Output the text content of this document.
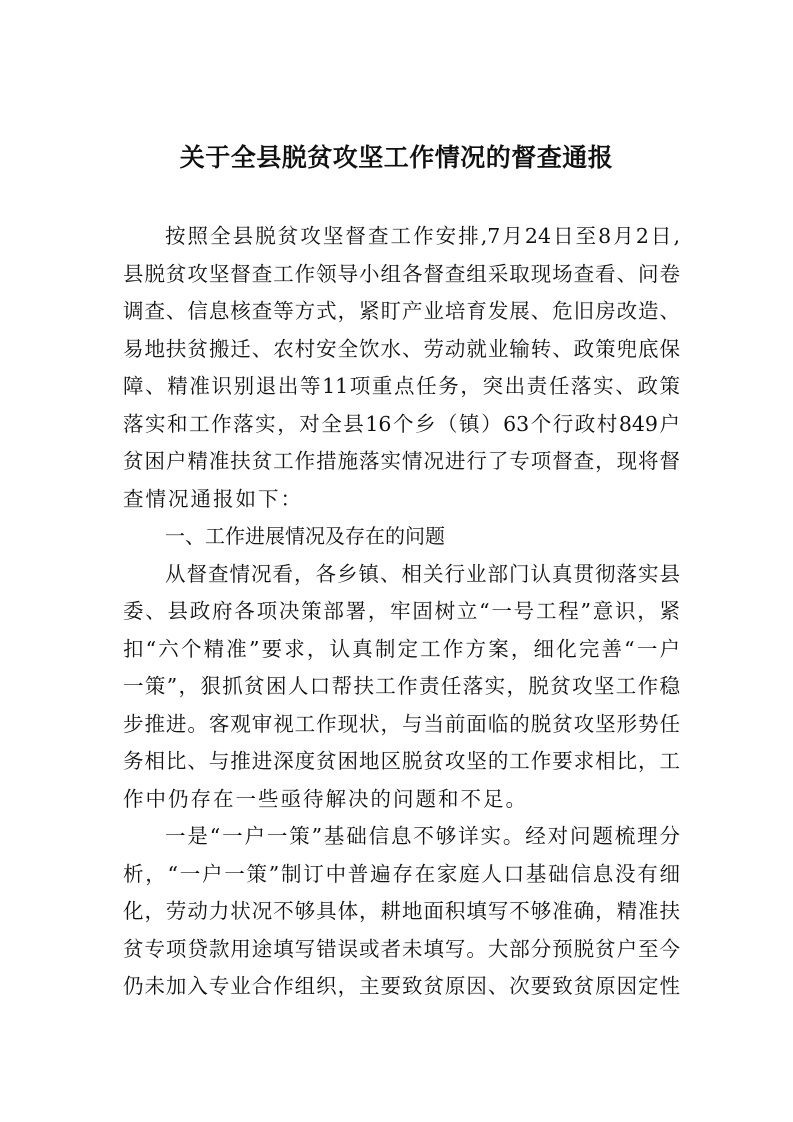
关于全县脱贫攻坚工作情况的督查通报
按照全县脱贫攻坚督查工作安排,7月24日至8月2日,
县脱贫攻坚督查工作领导小组各督查组采取现场查看、问卷
调查、信息核查等方式，紧盯产业培育发展、危旧房改造、
易地扶贫搬迁、农村安全饮水、劳动就业输转、政策兜底保
障、精准识别退出等11项重点任务，突出责任落实、政策
落实和工作落实，对全县16个乡（镇）63个行政村849户
贫困户精准扶贫工作措施落实情况进行了专项督查，现将督
查情况通报如下：
一、工作进展情况及存在的问题
从督查情况看，各乡镇、相关行业部门认真贯彻落实县
委、县政府各项决策部署，牢固树立“一号工程”意识，紧
扣“六个精准”要求，认真制定工作方案，细化完善“一户
一策”，狠抓贫困人口帮扶工作责任落实，脱贫攻坚工作稳
步推进。客观审视工作现状，与当前面临的脱贫攻坚形势任
务相比、与推进深度贫困地区脱贫攻坚的工作要求相比，工
作中仍存在一些亟待解决的问题和不足。
一是“一户一策”基础信息不够详实。经对问题梳理分
析，“一户一策”制订中普遍存在家庭人口基础信息没有细
化，劳动力状况不够具体，耕地面积填写不够准确，精准扶
贫专项贷款用途填写错误或者未填写。大部分预脱贫户至今
仍未加入专业合作组织，主要致贫原因、次要致贫原因定性
